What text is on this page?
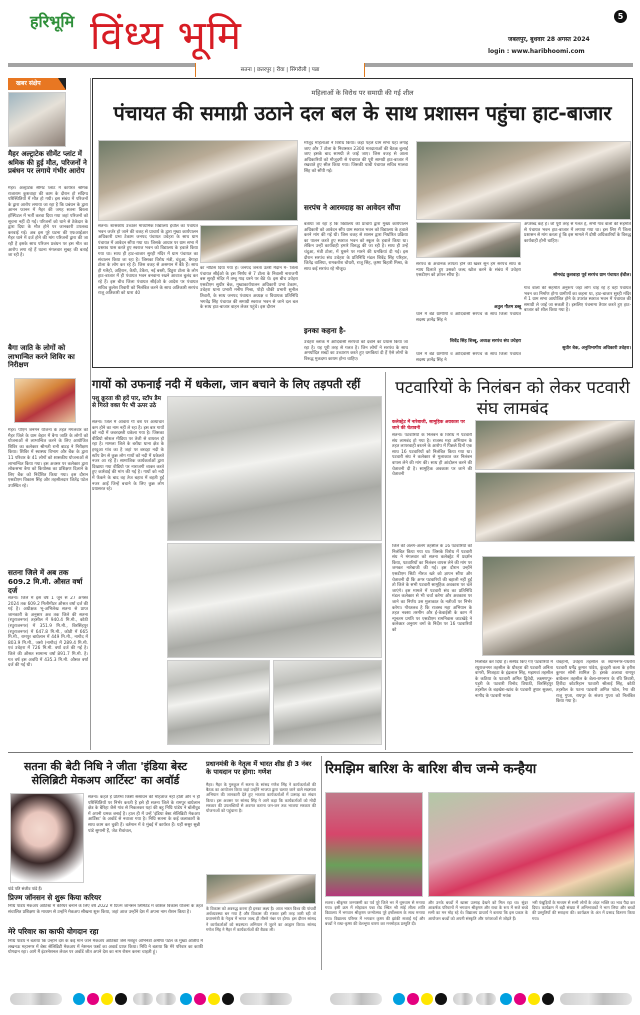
हरिभूमि विंध्य भूमि	5
जबलपुर, बुधवार 28 अगस्त 2024
login : www.haribhoomi.com
सतना | छतरपुर | रीवा | सिंगरौली | पन्ना
खबर संक्षेप
मैहर अल्ट्राटेक सीमेंट प्लांट में श्रमिक की हुई मौत, परिजनों ने प्रबंधन पर लगाये गंभीर आरोप
मैहर। अल्ट्राटेक सीमेंट प्लांट में कार्यरत श्रमिक राजाराम कुशवाहा की काम के दौरान हो संदिग्ध परिस्थितियों में मौत हो गयी। इस संबंध में परिजनों के द्वारा आरोप लगाया जा रहा है कि प्रबंधन के द्वारा आनन फानन में मैहर की जगह सतना बिरला हॉस्पिटल में भर्ती करवा दिया गया जहां परिजनों को सूचना नहीं दी गई। परिजनों को थाने से ठेकेदार के द्वारा दिया के मौत होने पर जानकारी उपलब्ध करवाई गई। अब इस पूरे घटना की एफआईआर मैहर थाने में दर्ज होने की मांग परिजनों द्वारा की जा रही है इसके साथ परिजन प्रबंधन पर इस मौत का आरोप लगा रहे हैं घटना मंगलवार सुबह की बताई जा रही है।
बैगा जाति के लोगों को लाभान्वित करने शिविर का निरीक्षण
मैहर। पीएम जनमन योजना के तहत मंगलवार को मैहर जिले के ग्राम बेहार में बैगा जाति के लोगों को योजनाओं से लाभान्वित करने के लिए आयोजित शिविर का कलेक्टर श्रीमती रानी बाटड़ ने निरीक्षण किया। शिविर में स्वास्थ्य विभाग और बैंक के द्वारा 11 परिवार के 41 लोगों को शासकीय योजनाओं से लाभान्वित किया गया। इस अवसर पर कलेक्टर द्वारा लोकसभा बैगा को कियोस्क का प्रशिक्षण दिलाने के लिए बैंक को निर्देशित किया गया। इस दौरान एसडीएम विकास सिंह और तहसीलदार जितेंद्र पटेल उपस्थित रहे।
सतना जिले में अब तक 609.2 मि.मी. औसत वर्षा दर्ज
सतना। जिले में इस वर्ष 1 जून से 27 अगस्त 2024 तक 609.2 मिलीमीटर औसत वर्षा दर्ज की गई है। अधीक्षक भू-अभिलेख सतना से प्राप्त जानकारी के अनुसार अब तक जिले की सतना (रघुराजनगर) तहसील में 940.4 मि.मी., कोठी (रघुराजनगर) में 351.9 मि.मी., बिरसिंहपुर (रघुराजनगर) में 647.8 मि.मी., कोठी में 665 मि.मी., रामपुर बाघेलान में 449 मि.मी., नागौद में 803.9 मि.मी., जसो (नागौद) में 289.4 मि.मी. एवं उचेहरा में 726 मि.मी. वर्षा दर्ज की गई है। जिले की औसत सामान्य वर्षा 891.7 मि.मी. है। गत वर्ष इस अवधि में 435.3 मि.मी. औसत वर्षा दर्ज की गई थी।
महिलाओं के विरोध पर समाग्री की गई शील
पंचायत की समाग्री उठाने दल बल के साथ प्रशासन पहुंचा हाट-बाजार
सतना। शासकीय उच्चतर माध्यमिक विद्यालय ईचौल का पंचायत भवन जर्जर हो जाने की वजह से प्राचार्य के द्वारा मुख्य कार्यपालन अधिकारी प्रभा टेकाम जनपद पंचायत उचेहरा के साथ ग्राम पंचायत में आवेदन सौंपा गया था। जिसके आधार पर ग्राम सभा में प्रस्ताव पास करते हुए स्वराज भवन को विद्यालय के हवाले किया गया था। साथ ही हाट-बाजार सुरही मंदिर में ग्राम पंचायत का संचालन किया जा रहा है। जिसका विरोध मंत्री, चंदुआ, बैगाहा टोला के लोग कर रहे हैं। जिस वजह से असमान में बैठे हैं। साथ ही गलैहो, अहिरान, कैथी, टेकैरा, नई बस्ती, डिठुरा टोला के लोग हाट-बाजार में ही पंचायत भवन बनवाना रखने आवाज बुलंद कर रहे हैं। इस बीच जिला पंचायत सीईओ के आदेश पर पंचायत सचिव कुलेश तिवारी को निलंबित करने के साथ अतिकारी सरपंच राजू अतिकारी को धारा 40
का नोटिस दिया गया है। जनपद जनता उतरी मैदान में- जिला पंचायत सीईओ के इस निर्णय से 7 टोला के निवासी नाराजगी बस सुरही मंदिर में तम्बू गाड़ धरने पर बैठे थे। इस बीच उचेहरा एसडीएम सुधीर बेक, मुख्यकार्यपालन अधिकारी प्रभा टेकाम, उचेहरा थाना प्रभारी मनीष मिश्रा, पोड़ी चौकी प्रभारी सुनील तिवारी, के साथ जनपद पंचायत अध्यक्ष व विधायक प्रतिनिधि भगवेंद्र सिंह पंचायत की समाग्री स्वराज भवन से जाने दल बल के साथ हाट-बाजार वाहन लेकर पहुंचे। इस दौरान
मौजूद महिलाओं ने विरोध किया। कहा पहले ग्राम सभा यहां लगाई जाए और 7 टोला के निवासरत 2300 मतदाताओं की बैठक बुलाई जाए इसके बाद सामग्री ले जाई जाए। जिस वजह से आला अधिकारियों को मौजूदगी से पंचायत की पूरी सामग्री हाट-बाजार में रखवाते हुए सील किया गया। जिसकी चाबी पंचायत सचिव मालवा सिंह को सौंपी गई।
सरपंच ने आरमदाह का आवेदन सौंपा
बताया जा रहा है कि विद्यालय की प्राचार्य द्वारा मुख्य कार्यपालन अधिकारी को आवेदन सौंप ग्राम स्वराज भवन को विद्यालय के हवाले करने मांग की गई थी। जिस वजह से शासन द्वारा निर्धारित प्रक्रिया का पालन करते हुए स्वराज भवन को स्कूल के हवाले किया था। लेकिन उन्हीं कार्यवाही हमारे विरुद्ध की जा रही है। साथ ही उन्हें चंदुआ, मंत्री टोला, में घुसने पर मारने की धमकियां दी गई। इस दौरान सरपंच संघ उचेहरा के प्रतिनिधि मंडल शिवेंद्र सिंह परिहार, जितेंद्र वालिया, रामकरोश चौधरी, राजू सिंह, कृष्ण बिहारी मिश्रा, के साथ कई सरपंच रहे मौजूद।
इनका कहना है-
उचेहरा ब्लॉक में आदिवासी सरपंचों को दबाने का प्रयास किया जा रहा है। यह पूरी तरह से गलत है। जिन लोगों ने सरपंच के साथ अमर्यादित शब्दों का उच्चारण करते हुए धमकियां दी हैं ऐसे लोगों के विरुद्ध मुकदमा कायम होना चाहिए।
सरपंच के अचानक लापता होने की खबर सुन हम सरपंच साथ के न्याय दिलाते हुए उसको जल्द खोज करने के संबंध में उचेहरा एसडीएम को ज्ञापन सौंपा है।
अतुल गौतम डब्बू
थाने में बैठे ग्रामीणों व आदिवासी सरपंच के साथ जिला पंचायत सदस्य ज्ञानेंद्र सिंह ने
शिवेंद्र सिंह शिब्बू, अध्यक्ष सरपंच संघ उचेहरा
थाने में बैठे ग्रामीणों व आदिवासी सरपंच के साथ जिला पंचायत सदस्य ज्ञानेंद्र सिंह ने
अपशब्द कहे हैं। जो पूरी तरह से गलत है, सभी गांव वालों की सहमति से पंचायत भवन हाट-बाजार में लगाया गया था। इस लिए मैं जिला प्रशासन से मांग करता हूं कि इस मामले में दोषी अधिकारियों के विरुद्ध कार्यवाही होनी चाहिए।
सोमचंद्र कुशवाहा पूर्व सरपंच ग्राम पंचायत ईचौल।
गांव वालों की सहमति अनुरूप जहां लोग चाह रहे हैं वहीं पंचायत भवन का निर्माण होगा ग्रामीणों का कहना था, हाट-बाजार सुरही मंदिर में 1 ग्राम सभा आयोजित होने के उपरांत स्वराज भवन में पंचायत की समाग्री ले जाई जा सकती है। इसलिए पंचनामा तैयार करते हुए हाट-बाजार को शील किया गया है।
सुधीर बेक, अनुविभागीय अधिकारी उचेहरा।
गायों को उफनाई नदी में धकेला, जान बचाने के लिए तड़पती रहीं
पशु क्रूरता की हदें पार, स्टॉप डैम से गिरते वक्त पैर भी ऊपर उठे
सतना। जिले में आवारा गौ वंश पर अत्याचार कम होने का नाम नहीं ले रहा है। इस बार गायों को नदी में जबरदस्ती धकेला गया है। जिसका वीडियो सोशल मीडिया पर तेजी से वायरल हो रहा है। मामला जिले के बरोंधा थाना क्षेत्र के हरदुआ गांव का है जहां पर बरदहा नदी के स्टॉप डैम से कुछ लोग गायों को नदी में धकेलते नजर आ रहे हैं। सामाजिक कार्यकर्ताओं द्वारा दिखाया गया वीडियो पर नाराजगी व्यक्त करते हुए कार्रवाई की मांग की गई है। गायों को नदी में फेंकने के बाद वह तेज बहाव में बहती हुई नजर आईं जिन्हें बचाने के लिए कुछ लोग प्रयासरत रहे।
पटवारियों के निलंबन को लेकर पटवारी संघ लामबंद
कलेक्ट्रेट में नारेबाजी, सामूहिक अवकाश पर जाने की चेतावनी
सतना। पटवारियों के निलंबन के विरोध में पटवारी संघ लामबंद हो गया है। राजस्व महा अभियान के तहत लापरवाही बरतने के आरोप में पिछले दिनों एक साथ 16 पटवारियों को निलंबित किया गया था। पटवारी संघ ने कलेक्टर से मुलाकात कर निलंबन वापस लेने की मांग की। साथ ही आंदोलन करने की चेतावनी दी है। सामूहिक अवकाश पर जाने की चेतावनी
जिले की अलग-अलग तहसील के 16 पटवारियों को निलंबित किया गया था। जिसके विरोध में पटवारी संघ ने मंगलवार को सतना कलेक्ट्रेट में प्रदर्शन किया, पटवारियों का निलंबन वापस लेने की मांग पर जमकर नारेबाजी की गई। इस दौरान उन्होंने एसडीएम सिटी नीरज खरे को ज्ञापन सौंपा और चेतावनी दी कि अगर पटवारियों की बहाली नहीं हुई तो जिले के सभी पटवारी सामूहिक अवकाश पर चले जाएंगे। इस मामले में पटवारी संघ का प्रतिनिधि मंडल कलेक्टर से भी चर्चा करेगा और अवकाश पर जाने का निर्णय उस मुलाकात के नतीजों पर निर्भर करेगा। गौरतलब है कि राजस्व महा अभियान के तहत नक्शा तरमीम और ई-केवाईसी के काम में न्यूनतम प्रगति पर एसडीएम रामनिवास जाटखेड़े ने कलेक्टर अनुराग वर्मा के निर्देश पर 16 पटवारियों को
निलंबित कर दिया है। सस्पेंड किए गए पटवारियों में रघुराजनगर तहसील के धौरहरा की पटवारी अनिता वागरी, सिजहटा के इंद्रलाल सिंह, मझगवां तहसील के कठिया के पटवारी अमित द्विवेदी, लक्ष्मणपुर-पड़ुरी के पटवारी विनोद त्रिपाठी, बिरसिंहपुर तहसील के बड़खेरा-खांच के पटवारी तुषार सुक्ला, नागौद के पटवारी मयंक
चेवहानी, उचेहरा तहसील के श्यामनगर-पथरौरा पटवारी धर्मेंद्र कुमार पांडेय, कुंदहरी कला के हरीश कुमार सोनी शामिल हैं। इसके अलावा रामपुर बाघेलान तहसील के बेला-रामनगर के रवि तिवारी, हिरौंदा कोटरिहान पटवारी श्रीलाई सिंह, कोठी तहसील के पटना पटवारी अमित पटेल, रैगा की राजू गुप्ता, रायपुर के संजय गुप्ता को निलंबित किया गया है।
सतना की बेटी निधि ने जीता 'इंडिया बेस्ट सेलिब्रिटी मेकअप आर्टिस्ट' का अवॉर्ड
सतना। कहते हैं प्रतिभा किसी संसाधन की मोहताज नहीं होती और न ही परिस्थितियों पर निर्भर करती है इसे ही सतना जिले के रामपुर बाघेलान क्षेत्र के बैरिहा जैसे गांव से निकलकर यहां की बहू निधि पांडेय ने बॉलीवुड में अपनी धमक बनाई है। हाल ही में उन्हें 'इंडिया बेस्ट सेलिब्रिटी मेकअप आर्टिस्ट' के अवॉर्ड से नवाजा गया है। निधि सतना के कई कलाकारों के साथ काम कर चुकी हैं। वर्तमान में वे मुंबई में कार्यरत हैं। यहीं ससुर सुन्नी पांडे सुमानी हैं, जेठ रीवांचल,
पांडे पति संजीव पांडे हैं।
प्रिज्म जॉनसन से शुरू किया करियर
निधि पांडेय मेकअप आर्टिस्ट में कैरियर बनाने के लिए वर्ष 2022 में प्रिज्म जॉनसन लिमिटेड में कौशल विकास योजना के तहत संचालित प्रशिक्षण के माध्यम से उन्होंने मेकअप सीखना शुरू किया, जहां आज उन्होंने देश में अपना नाम रोशन किया है।
मेरे परिवार का काफी योगदान रहा
निधि पांडेय ने बताया कि उन्होंने देश के कई माने जाने मेकअप आर्टिस्टों जैसे मशहूर अभिनेत्री अमीषा पटेल के मुख्य अतिथि में लखनऊ महानगर में बेस्ट सेलिब्रिटी मेकअप में नेशनल फर्स्ट का अवार्ड प्राप्त किया। निधि ने बताया कि मेरे परिवार का काफी योगदान रहा। आगे मैं इंटरनेशनल लेवल पर अवॉर्ड जीत अपने देश का नाम रोशन करना चाहती हूं।
प्रधानमंत्री के नेतृत्व में भारत शीघ्र ही 3 नंबर के पायदान पर होगा: गणेश
मैहर। मैहर के गुरुकुल में सतना के सांसद गणेश सिंह ने कार्यकर्ताओं की बैठक का आयोजन किया जहां उन्होंने भाजपा द्वारा चलाए जाने वाले सदस्यता अभियान की जानकारी देते हुए भाजपा कार्यकर्ताओं में उत्साह का संचार किया। इस अवसर पर सांसद सिंह ने आगे कहा कि कार्यकर्ताओं को मोदी सरकार की उपलब्धियों से अवगत कराना जन-जन तक भाजपा सरकार की योजनाओं को पहुंचाना है।
के विकास को अवरुद्ध करना ही इनका लक्ष्य है। आज भारत विश्व की पांचवीं अर्थव्यवस्था बन गया है और विकास की रफ्तार इसी तरह जारी रही तो प्रधानमंत्री के नेतृत्व में भारत जल्द ही तीसरे नंबर पर होगा। इस दौरान सांसद ने कार्यकर्ताओं को सदस्यता अभियान में जुटने का आह्वान किया। सांसद गणेश सिंह ने मैहर में कार्यकर्ताओं की बैठक ली।
रिमझिम बारिश के बारिश बीच जन्मे कन्हैया
सतना। श्रीकृष्ण जन्माष्टमी का पर्व पूरे जिले भर में धूमधाम से मनाया गया। इसी क्रम में सोहावल पन्ना रोड स्थित श्री सांई लीला शांति विद्यालय में भगवान श्रीकृष्ण जन्मोत्सव पूरे हर्षोल्लास के साथ मनाया गया। विद्यालय परिसर में भगवान कृष्ण की झांकी सजाई गई और बच्चों ने राधा-कृष्ण की वेशभूषा धारण कर मनमोहक प्रस्तुति दी।
और उनके बच्चों में खासा उत्साह देखने को मिल रहा था। सुंदर आकर्षक परिधानों में भगवान श्रीकृष्ण और राधा के रूप में सजे बच्चे सभी का मन मोह रहे थे। विद्यालय प्राचार्य ने बताया कि इस प्रकार के आयोजन बच्चों को अपनी संस्कृति और परंपराओं से जोड़ते हैं।
भरी पंखुड़ियों के माध्यम से सभी लोगों के अंदर भक्ति का भाव पैदा कर दिया। कार्यक्रम में बड़ी संख्या में अभिभावकों ने भाग लिया और बच्चों की प्रस्तुतियों की सराहना की। कार्यक्रम के अंत में प्रसाद वितरण किया गया।
